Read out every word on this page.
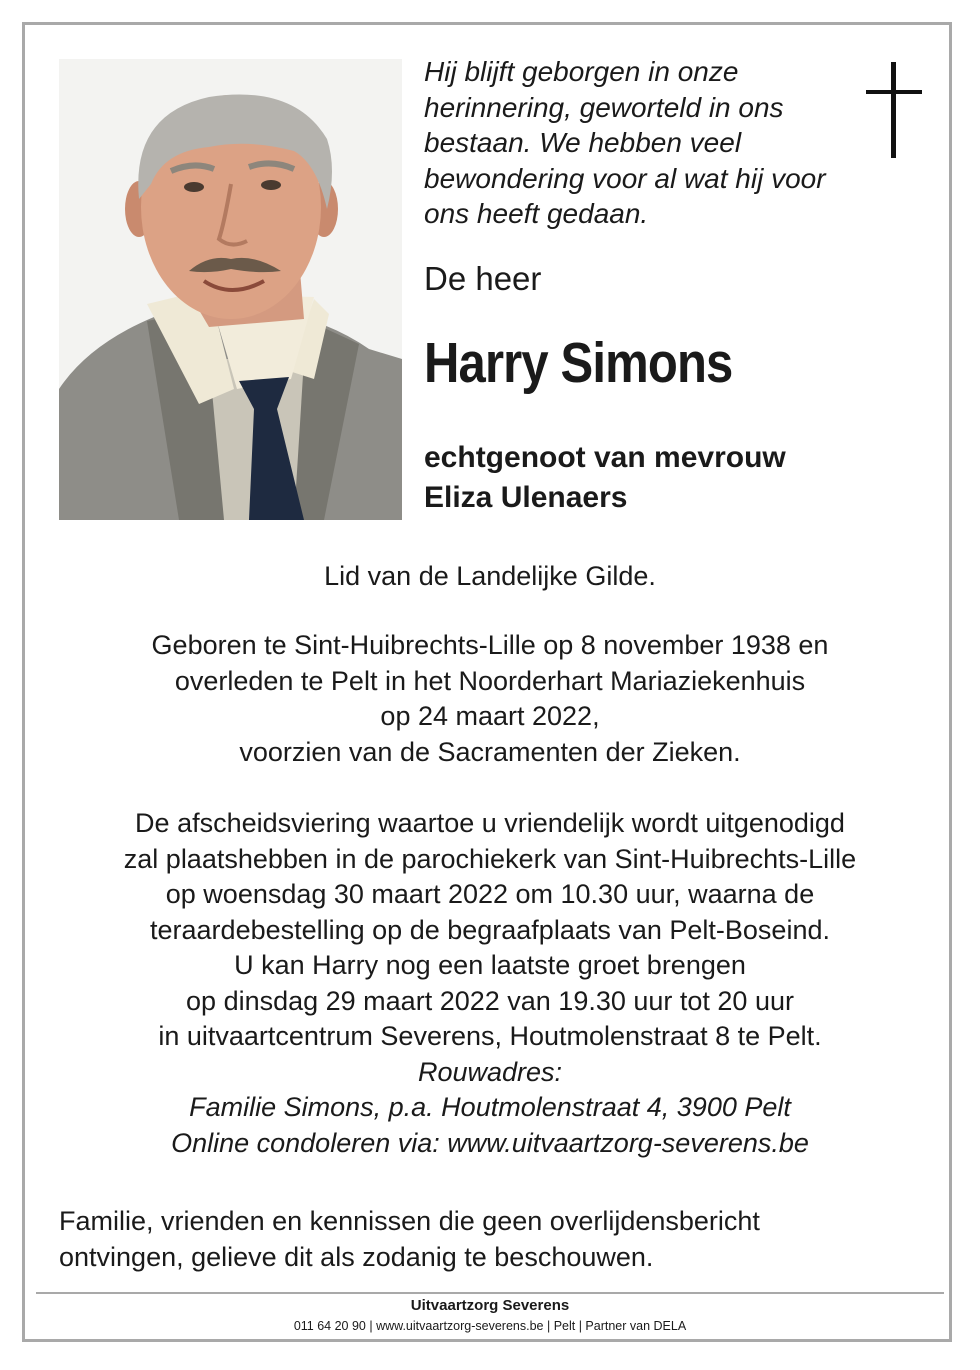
Hij blijft geborgen in onze
herinnering, geworteld in ons
bestaan. We hebben veel
bewondering voor al wat hij voor
ons heeft gedaan.
De heer
Harry Simons
echtgenoot van mevrouw
Eliza Ulenaers
Lid van de Landelijke Gilde.
Geboren te Sint-Huibrechts-Lille op 8 november 1938 en
overleden te Pelt in het Noorderhart Mariaziekenhuis
op 24 maart 2022,
voorzien van de Sacramenten der Zieken.
De afscheidsviering waartoe u vriendelijk wordt uitgenodigd
zal plaatshebben in de parochiekerk van Sint-Huibrechts-Lille
op woensdag 30 maart 2022 om 10.30 uur, waarna de
teraardebestelling op de begraafplaats van Pelt-Boseind.
U kan Harry nog een laatste groet brengen
op dinsdag 29 maart 2022 van 19.30 uur tot 20 uur
in uitvaartcentrum Severens, Houtmolenstraat 8 te Pelt.
Rouwadres:
Familie Simons, p.a. Houtmolenstraat 4, 3900 Pelt
Online condoleren via: www.uitvaartzorg-severens.be
Familie, vrienden en kennissen die geen overlijdensbericht
ontvingen, gelieve dit als zodanig te beschouwen.
Uitvaartzorg Severens
011 64 20 90 | www.uitvaartzorg-severens.be | Pelt | Partner van DELA
